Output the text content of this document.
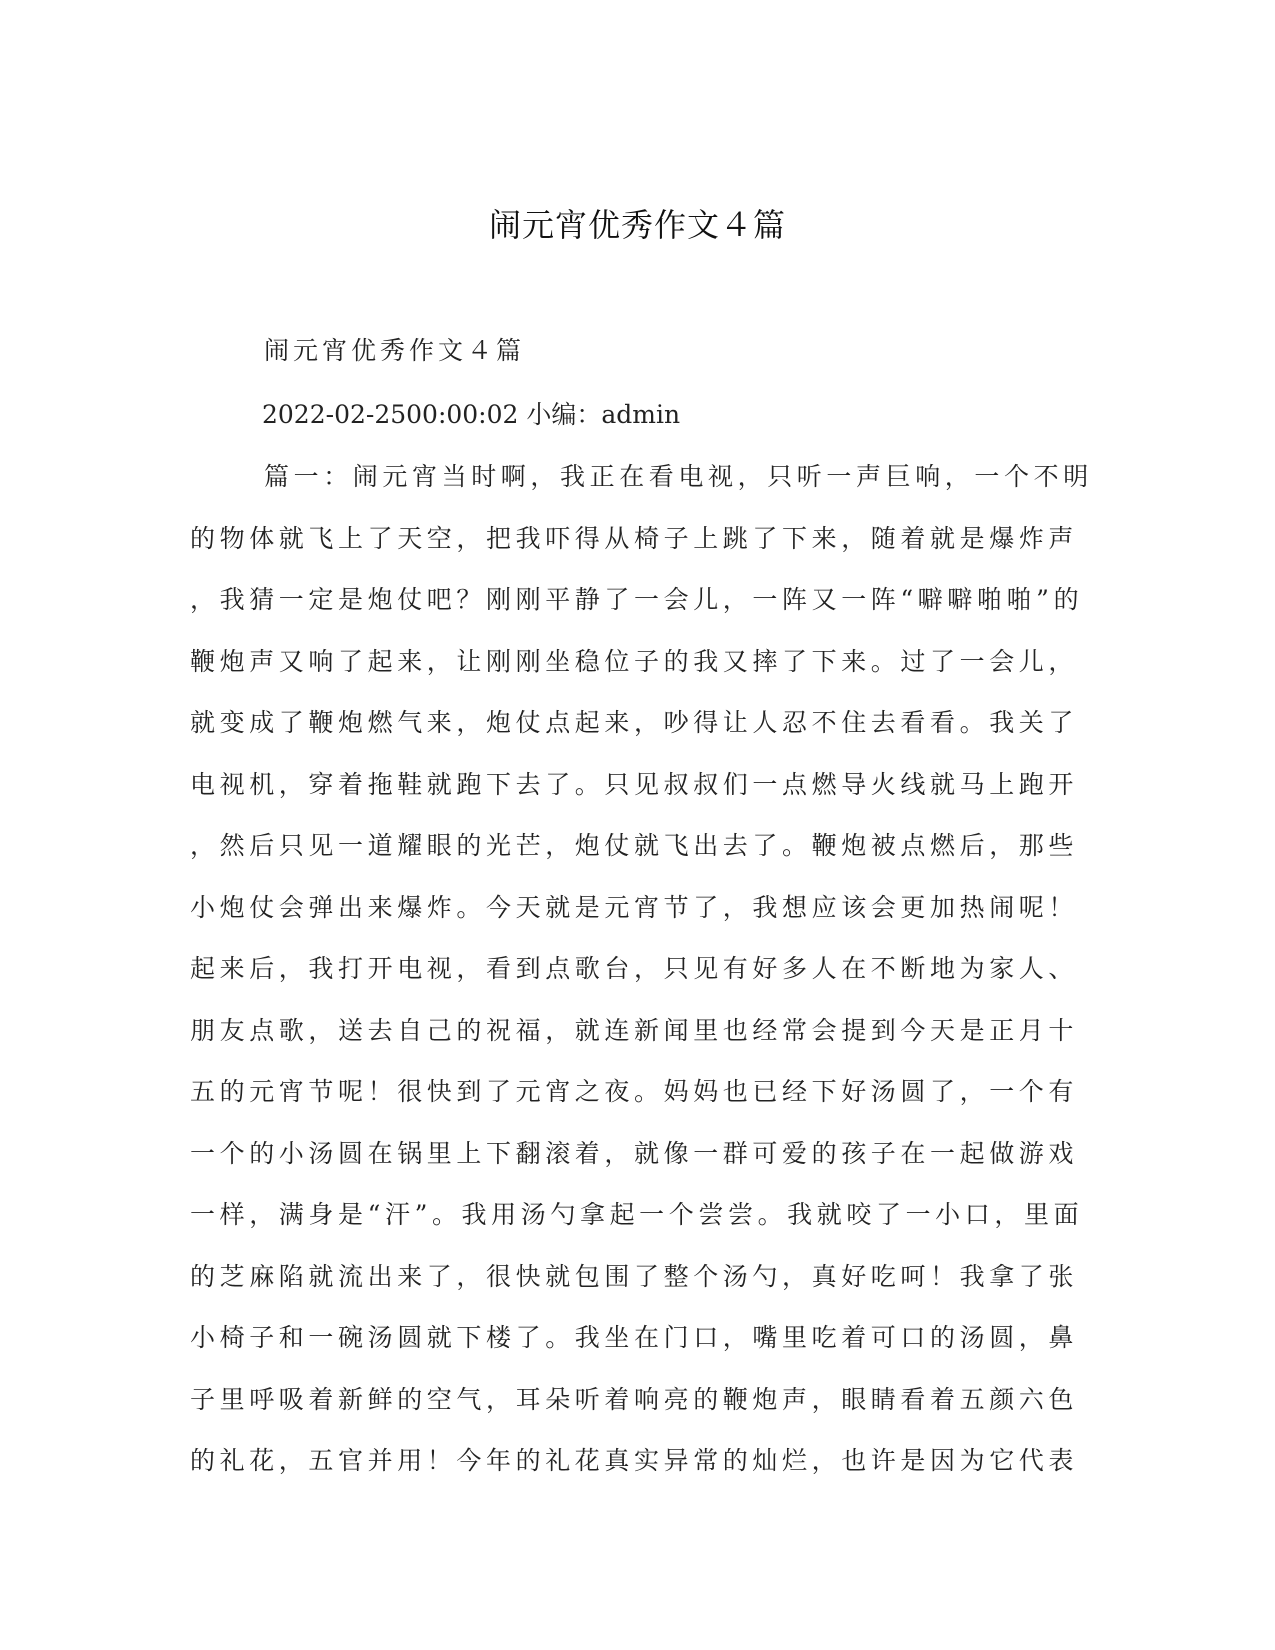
闹元宵优秀作文４篇
闹元宵优秀作文４篇
2022-02-2500:00:02 小编：admin
篇一：闹元宵当时啊，我正在看电视，只听一声巨响，一个不明
的物体就飞上了天空，把我吓得从椅子上跳了下来，随着就是爆炸声
，我猜一定是炮仗吧？刚刚平静了一会儿，一阵又一阵“噼噼啪啪”的
鞭炮声又响了起来，让刚刚坐稳位子的我又摔了下来。过了一会儿，
就变成了鞭炮燃气来，炮仗点起来，吵得让人忍不住去看看。我关了
电视机，穿着拖鞋就跑下去了。只见叔叔们一点燃导火线就马上跑开
，然后只见一道耀眼的光芒，炮仗就飞出去了。鞭炮被点燃后，那些
小炮仗会弹出来爆炸。今天就是元宵节了，我想应该会更加热闹呢！
起来后，我打开电视，看到点歌台，只见有好多人在不断地为家人、
朋友点歌，送去自己的祝福，就连新闻里也经常会提到今天是正月十
五的元宵节呢！很快到了元宵之夜。妈妈也已经下好汤圆了，一个有
一个的小汤圆在锅里上下翻滚着，就像一群可爱的孩子在一起做游戏
一样，满身是“汗”。我用汤勺拿起一个尝尝。我就咬了一小口，里面
的芝麻陷就流出来了，很快就包围了整个汤勺，真好吃呵！我拿了张
小椅子和一碗汤圆就下楼了。我坐在门口，嘴里吃着可口的汤圆，鼻
子里呼吸着新鲜的空气，耳朵听着响亮的鞭炮声，眼睛看着五颜六色
的礼花，五官并用！今年的礼花真实异常的灿烂，也许是因为它代表
